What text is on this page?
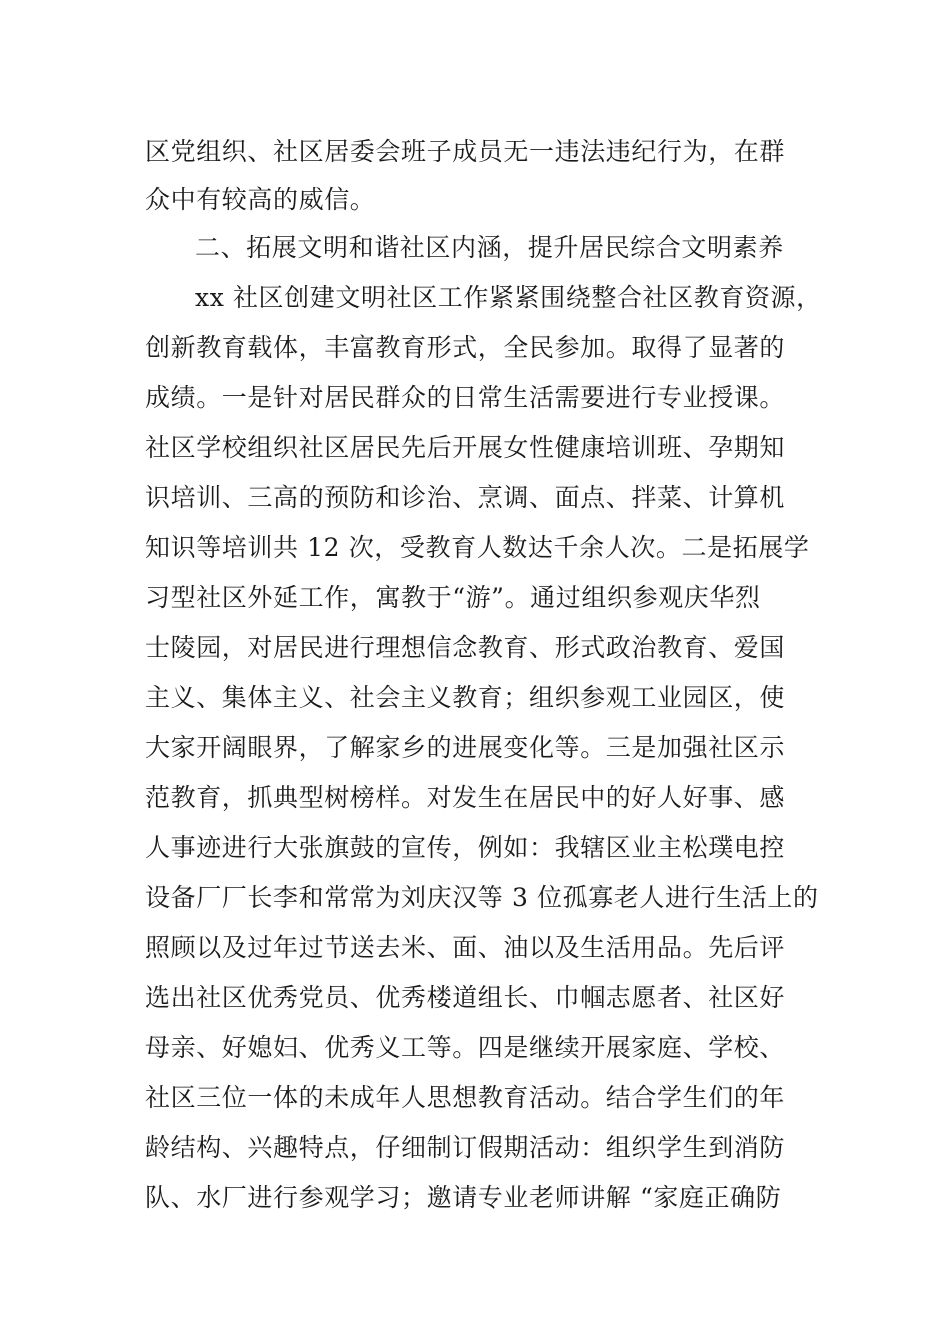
区党组织、社区居委会班子成员无一违法违纪行为，在群
众中有较高的威信。
二、拓展文明和谐社区内涵，提升居民综合文明素养
xx 社区创建文明社区工作紧紧围绕整合社区教育资源，
创新教育载体，丰富教育形式，全民参加。取得了显著的
成绩。一是针对居民群众的日常生活需要进行专业授课。
社区学校组织社区居民先后开展女性健康培训班、孕期知
识培训、三高的预防和诊治、烹调、面点、拌菜、计算机
知识等培训共 12 次，受教育人数达千余人次。二是拓展学
习型社区外延工作，寓教于“游”。通过组织参观庆华烈
士陵园，对居民进行理想信念教育、形式政治教育、爱国
主义、集体主义、社会主义教育；组织参观工业园区，使
大家开阔眼界，了解家乡的进展变化等。三是加强社区示
范教育，抓典型树榜样。对发生在居民中的好人好事、感
人事迹进行大张旗鼓的宣传，例如：我辖区业主松璞电控
设备厂厂长李和常常为刘庆汉等 3 位孤寡老人进行生活上的
照顾以及过年过节送去米、面、油以及生活用品。先后评
选出社区优秀党员、优秀楼道组长、巾帼志愿者、社区好
母亲、好媳妇、优秀义工等。四是继续开展家庭、学校、
社区三位一体的未成年人思想教育活动。结合学生们的年
龄结构、兴趣特点，仔细制订假期活动：组织学生到消防
队、水厂进行参观学习；邀请专业老师讲解 “家庭正确防
